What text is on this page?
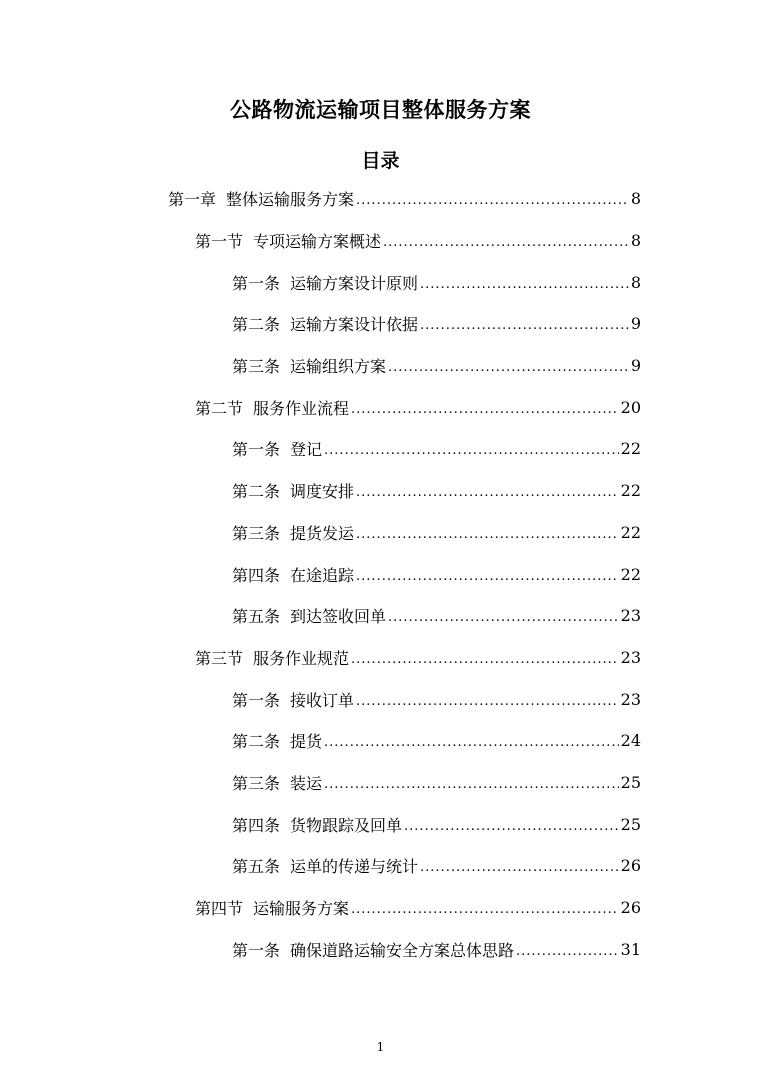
公路物流运输项目整体服务方案
目录
第一章 整体运输服务方案 .....	8
第一节 专项运输方案概述 .....	8
第一条 运输方案设计原则 .....	8
第二条 运输方案设计依据 .....	9
第三条 运输组织方案 .....	9
第二节 服务作业流程 .....	20
第一条 登记 .....	22
第二条 调度安排 .....	22
第三条 提货发运 .....	22
第四条 在途追踪 .....	22
第五条 到达签收回单 .....	23
第三节 服务作业规范 .....	23
第一条 接收订单 .....	23
第二条 提货 .....	24
第三条 装运 .....	25
第四条 货物跟踪及回单 .....	25
第五条 运单的传递与统计 .....	26
第四节 运输服务方案 .....	26
第一条 确保道路运输安全方案总体思路 .....	31
1
